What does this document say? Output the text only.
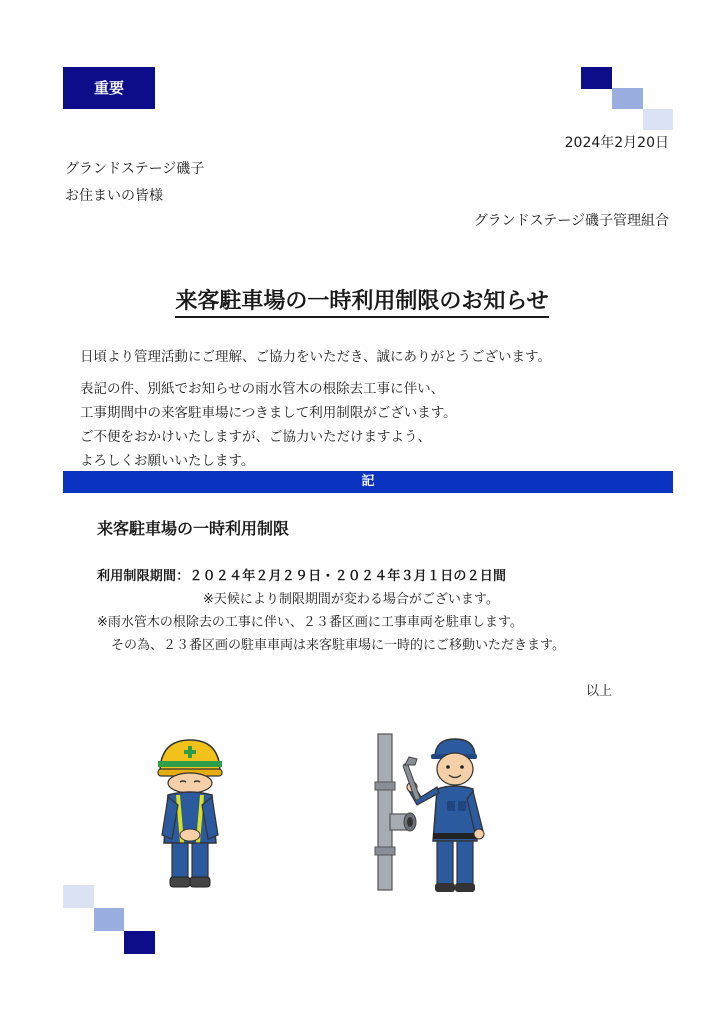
重要
2024年2月20日
グランドステージ磯子
お住まいの皆様
グランドステージ磯子管理組合
来客駐車場の一時利用制限のお知らせ
日頃より管理活動にご理解、ご協力をいただき、誠にありがとうございます。
表記の件、別紙でお知らせの雨水管木の根除去工事に伴い、
工事期間中の来客駐車場につきまして利用制限がございます。
ご不便をおかけいたしますが、ご協力いただけますよう、
よろしくお願いいたします。
記
来客駐車場の一時利用制限
利用制限期間：２０２４年２月２９日・２０２４年３月１日の２日間
※天候により制限期間が変わる場合がございます。
※雨水管木の根除去の工事に伴い、２３番区画に工事車両を駐車します。
その為、２３番区画の駐車車両は来客駐車場に一時的にご移動いただきます。
以上
